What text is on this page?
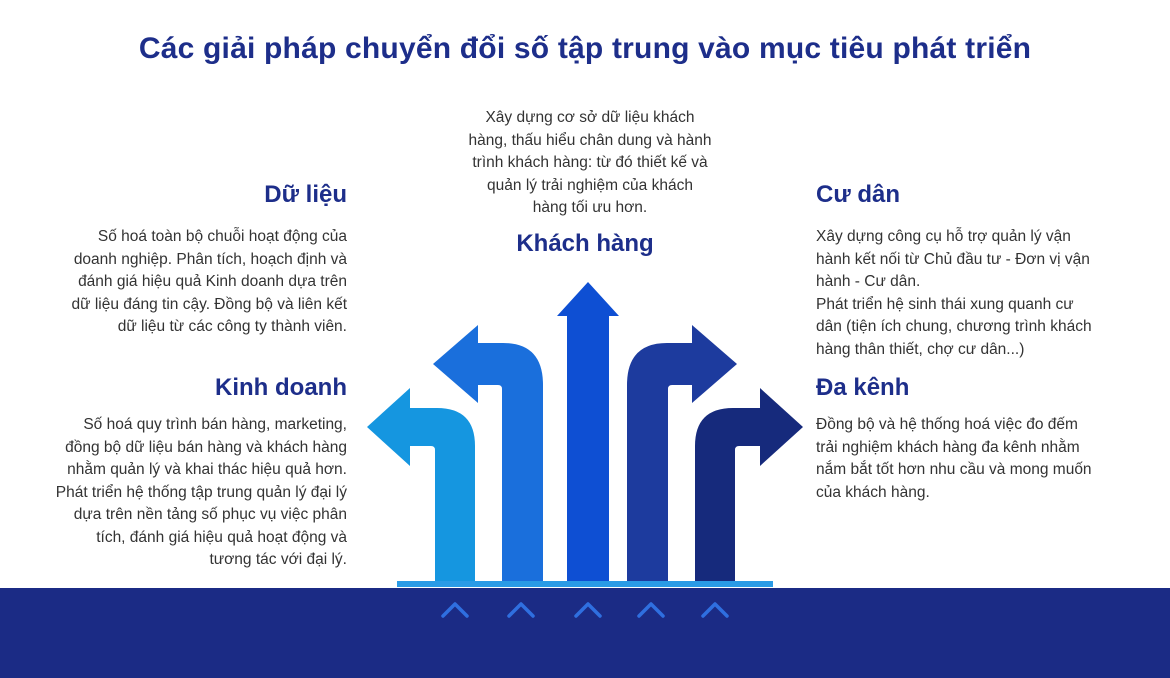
Các giải pháp chuyển đổi số tập trung vào mục tiêu phát triển
Dữ liệu
Số hoá toàn bộ chuỗi hoạt động của
doanh nghiệp. Phân tích, hoạch định và
đánh giá hiệu quả Kinh doanh dựa trên
dữ liệu đáng tin cậy. Đồng bộ và liên kết
dữ liệu từ các công ty thành viên.
Kinh doanh
Số hoá quy trình bán hàng, marketing,
đồng bộ dữ liệu bán hàng và khách hàng
nhằm quản lý và khai thác hiệu quả hơn.
Phát triển hệ thống tập trung quản lý đại lý
dựa trên nền tảng số phục vụ việc phân
tích, đánh giá hiệu quả hoạt động và
tương tác với đại lý.
Xây dựng cơ sở dữ liệu khách
hàng, thấu hiểu chân dung và hành
trình khách hàng: từ đó thiết kế và
quản lý trải nghiệm của khách
hàng tối ưu hơn.
Khách hàng
Cư dân
Xây dựng công cụ hỗ trợ quản lý vận
hành kết nối từ Chủ đầu tư - Đơn vị vận
hành - Cư dân.
Phát triển hệ sinh thái xung quanh cư
dân (tiện ích chung, chương trình khách
hàng thân thiết, chợ cư dân...)
Đa kênh
Đồng bộ và hệ thống hoá việc đo đếm
trải nghiệm khách hàng đa kênh nhằm
nắm bắt tốt hơn nhu cầu và mong muốn
của khách hàng.
